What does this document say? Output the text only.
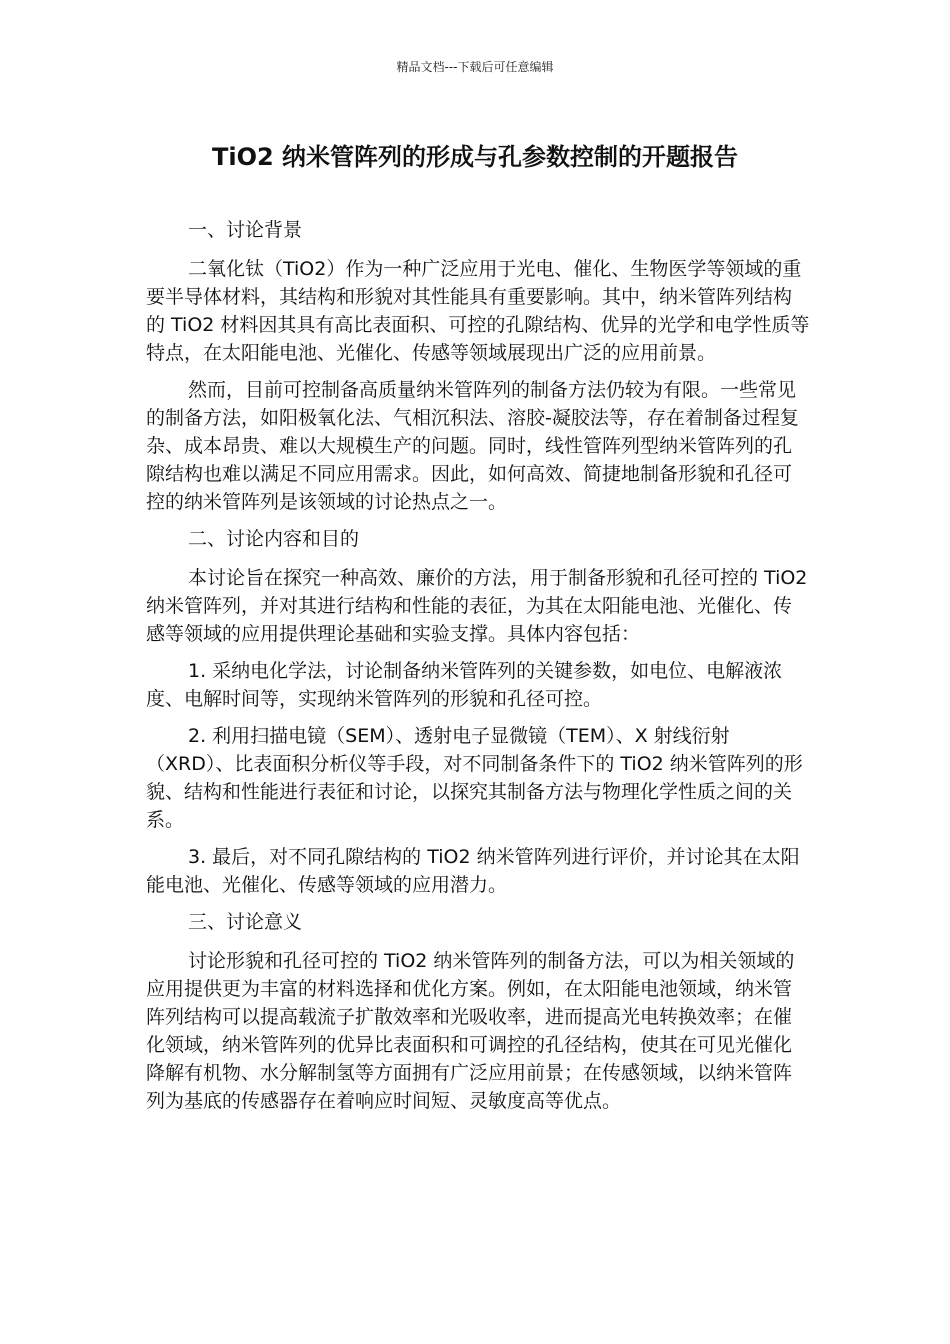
精品文档---下载后可任意编辑
TiO2 纳米管阵列的形成与孔参数控制的开题报告

一、讨论背景

二氧化钛（TiO2）作为一种广泛应用于光电、催化、生物医学等领域的重要半导体材料，其结构和形貌对其性能具有重要影响。其中，纳米管阵列结构的 TiO2 材料因其具有高比表面积、可控的孔隙结构、优异的光学和电学性质等特点，在太阳能电池、光催化、传感等领域展现出广泛的应用前景。

然而，目前可控制备高质量纳米管阵列的制备方法仍较为有限。一些常见的制备方法，如阳极氧化法、气相沉积法、溶胶-凝胶法等，存在着制备过程复杂、成本昂贵、难以大规模生产的问题。同时，线性管阵列型纳米管阵列的孔隙结构也难以满足不同应用需求。因此，如何高效、简捷地制备形貌和孔径可控的纳米管阵列是该领域的讨论热点之一。

二、讨论内容和目的

本讨论旨在探究一种高效、廉价的方法，用于制备形貌和孔径可控的 TiO2 纳米管阵列，并对其进行结构和性能的表征，为其在太阳能电池、光催化、传感等领域的应用提供理论基础和实验支撑。具体内容包括：

1. 采纳电化学法，讨论制备纳米管阵列的关键参数，如电位、电解液浓度、电解时间等，实现纳米管阵列的形貌和孔径可控。

2. 利用扫描电镜（SEM）、透射电子显微镜（TEM）、X 射线衍射（XRD）、比表面积分析仪等手段，对不同制备条件下的 TiO2 纳米管阵列的形貌、结构和性能进行表征和讨论，以探究其制备方法与物理化学性质之间的关系。

3. 最后，对不同孔隙结构的 TiO2 纳米管阵列进行评价，并讨论其在太阳能电池、光催化、传感等领域的应用潜力。

三、讨论意义

讨论形貌和孔径可控的 TiO2 纳米管阵列的制备方法，可以为相关领域的应用提供更为丰富的材料选择和优化方案。例如，在太阳能电池领域，纳米管阵列结构可以提高载流子扩散效率和光吸收率，进而提高光电转换效率；在催化领域，纳米管阵列的优异比表面积和可调控的孔径结构，使其在可见光催化降解有机物、水分解制氢等方面拥有广泛应用前景；在传感领域，以纳米管阵列为基底的传感器存在着响应时间短、灵敏度高等优点。
